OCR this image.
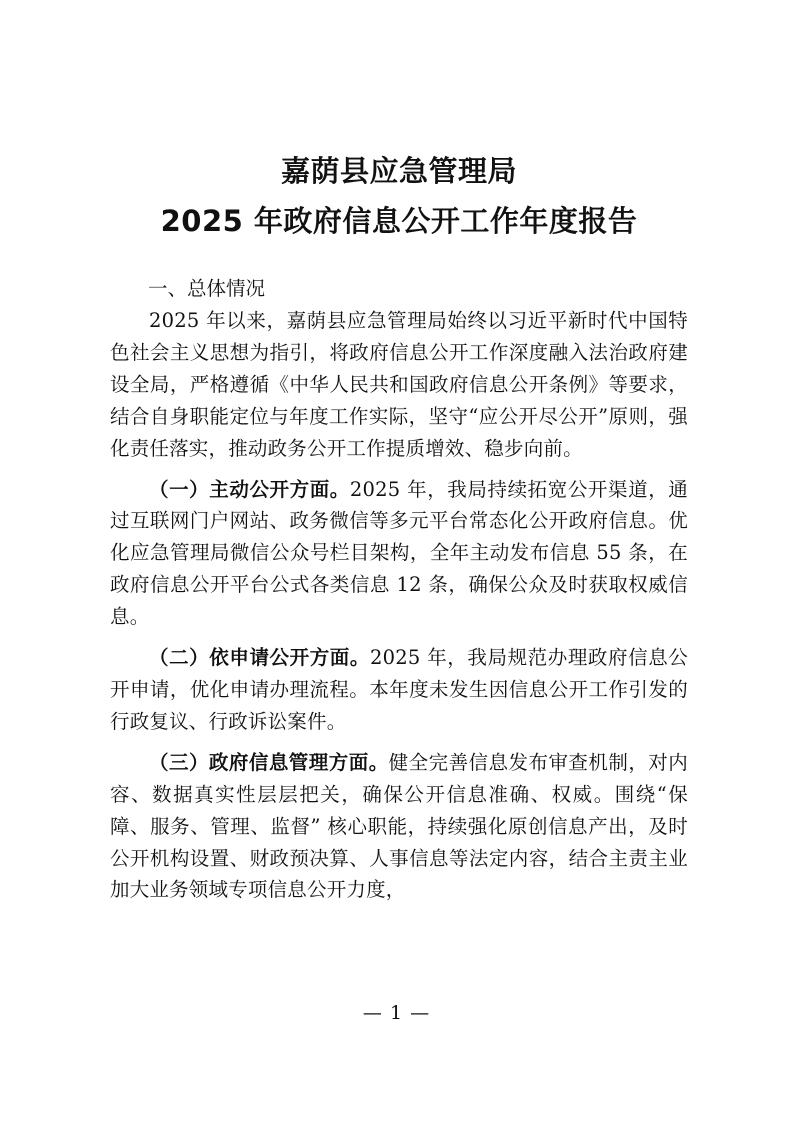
嘉荫县应急管理局
2025 年政府信息公开工作年度报告
一、总体情况

2025 年以来，嘉荫县应急管理局始终以习近平新时代中国特色社会主义思想为指引，将政府信息公开工作深度融入法治政府建设全局，严格遵循《中华人民共和国政府信息公开条例》等要求，结合自身职能定位与年度工作实际，坚守“应公开尽公开”原则，强化责任落实，推动政务公开工作提质增效、稳步向前。

（一）主动公开方面。2025 年，我局持续拓宽公开渠道，通过互联网门户网站、政务微信等多元平台常态化公开政府信息。优化应急管理局微信公众号栏目架构，全年主动发布信息 55 条，在政府信息公开平台公式各类信息 12 条，确保公众及时获取权威信息。

（二）依申请公开方面。2025 年，我局规范办理政府信息公开申请，优化申请办理流程。本年度未发生因信息公开工作引发的行政复议、行政诉讼案件。

（三）政府信息管理方面。健全完善信息发布审查机制，对内容、数据真实性层层把关，确保公开信息准确、权威。围绕“保障、服务、管理、监督” 核心职能，持续强化原创信息产出，及时公开机构设置、财政预决算、人事信息等法定内容，结合主责主业加大业务领域专项信息公开力度，

— 1 —
